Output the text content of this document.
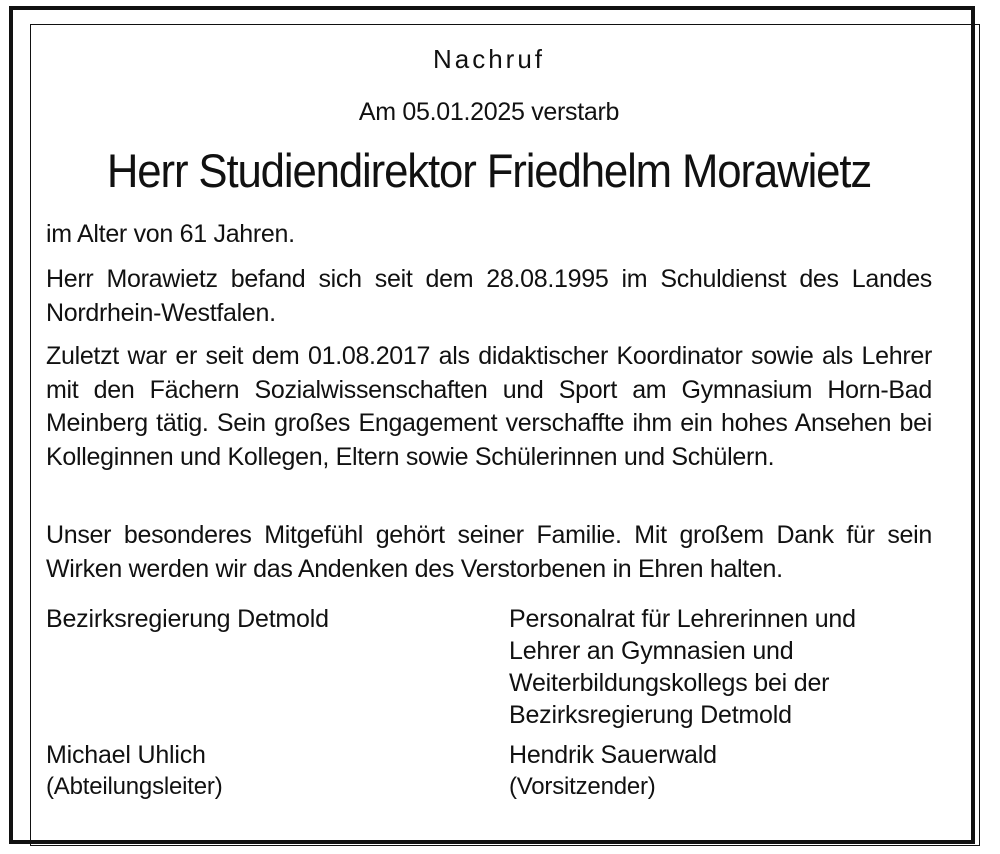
Nachruf
Am 05.01.2025 verstarb
Herr Studiendirektor Friedhelm Morawietz

im Alter von 61 Jahren.

Herr Morawietz befand sich seit dem 28.08.1995 im Schuldienst des Landes Nordrhein-Westfalen.

Zuletzt war er seit dem 01.08.2017 als didaktischer Koordinator sowie als Lehrer mit den Fächern Sozialwissenschaften und Sport am Gymnasium Horn-Bad Meinberg tätig. Sein großes Engagement verschaffte ihm ein hohes Ansehen bei Kolleginnen und Kollegen, Eltern sowie Schülerinnen und Schülern.

Unser besonderes Mitgefühl gehört seiner Familie. Mit großem Dank für sein Wirken werden wir das Andenken des Verstorbenen in Ehren halten.

Bezirksregierung Detmold	Personalrat für Lehrerinnen und
Lehrer an Gymnasien und
Weiterbildungskollegs bei der
Bezirksregierung Detmold
Michael Uhlich
(Abteilungsleiter)
Hendrik Sauerwald
(Vorsitzender)
